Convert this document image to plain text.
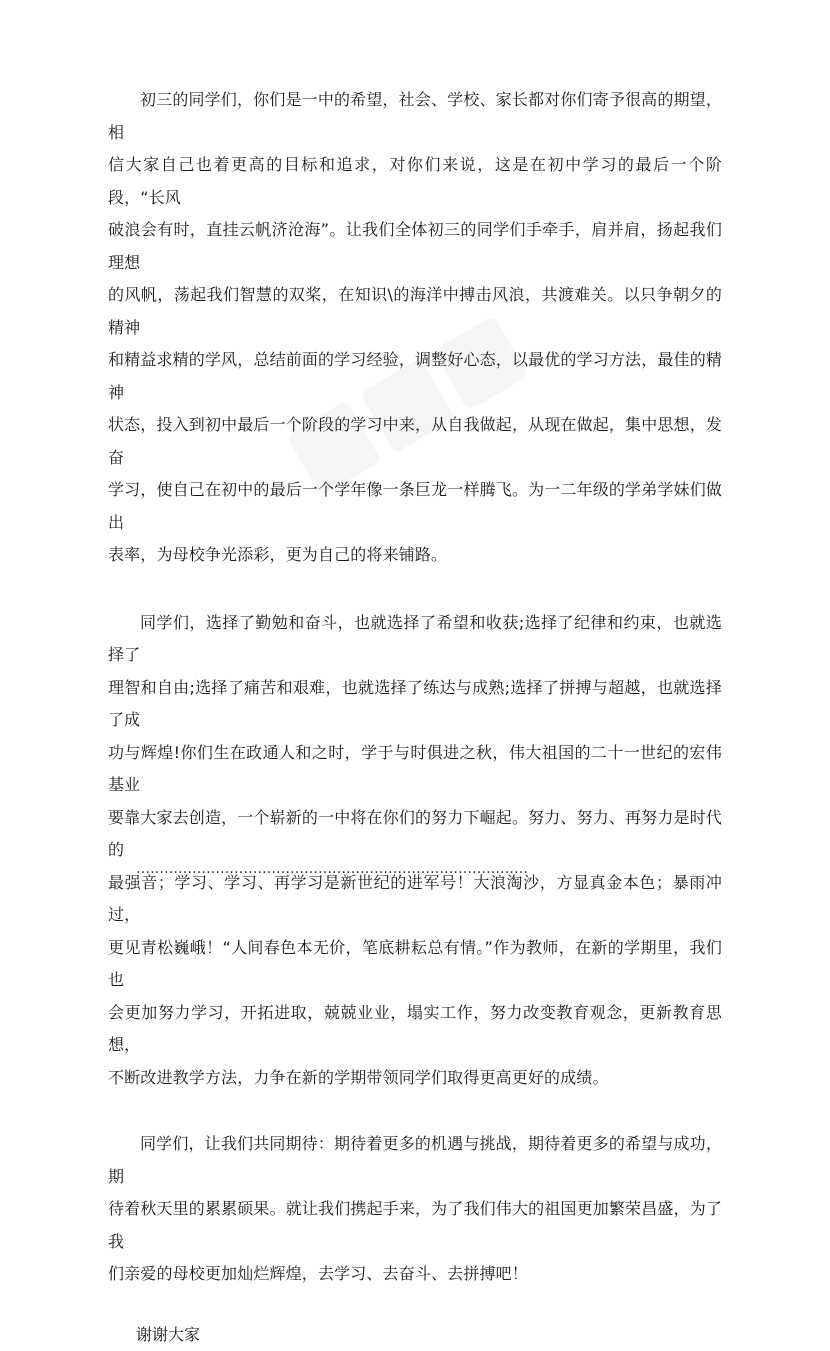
初三的同学们，你们是一中的希望，社会、学校、家长都对你们寄予很高的期望，相
信大家自己也着更高的目标和追求，对你们来说，这是在初中学习的最后一个阶段，“长风
破浪会有时，直挂云帆济沧海”。让我们全体初三的同学们手牵手，肩并肩，扬起我们理想
的风帆，荡起我们智慧的双桨，在知识\的海洋中搏击风浪，共渡难关。以只争朝夕的精神
和精益求精的学风，总结前面的学习经验，调整好心态，以最优的学习方法，最佳的精神
状态，投入到初中最后一个阶段的学习中来，从自我做起，从现在做起，集中思想，发奋
学习，使自己在初中的最后一个学年像一条巨龙一样腾飞。为一二年级的学弟学妹们做出
表率，为母校争光添彩，更为自己的将来铺路。

同学们，选择了勤勉和奋斗，也就选择了希望和收获;选择了纪律和约束，也就选择了
理智和自由;选择了痛苦和艰难，也就选择了练达与成熟;选择了拼搏与超越，也就选择了成
功与辉煌!你们生在政通人和之时，学于与时俱进之秋，伟大祖国的二十一世纪的宏伟基业
要靠大家去创造，一个崭新的一中将在你们的努力下崛起。努力、努力、再努力是时代的
最强音；学习、学习、再学习是新世纪的进军号！大浪淘沙，方显真金本色；暴雨冲过，
更见青松巍峨！“人间春色本无价，笔底耕耘总有情。”作为教师，在新的学期里，我们也
会更加努力学习，开拓进取，兢兢业业，塌实工作，努力改变教育观念，更新教育思想，
不断改进教学方法，力争在新的学期带领同学们取得更高更好的成绩。

同学们，让我们共同期待：期待着更多的机遇与挑战，期待着更多的希望与成功，期
待着秋天里的累累硕果。就让我们携起手来，为了我们伟大的祖国更加繁荣昌盛，为了我
们亲爱的母校更加灿烂辉煌，去学习、去奋斗、去拼搏吧！

谢谢大家

…………………………………………………………………………
